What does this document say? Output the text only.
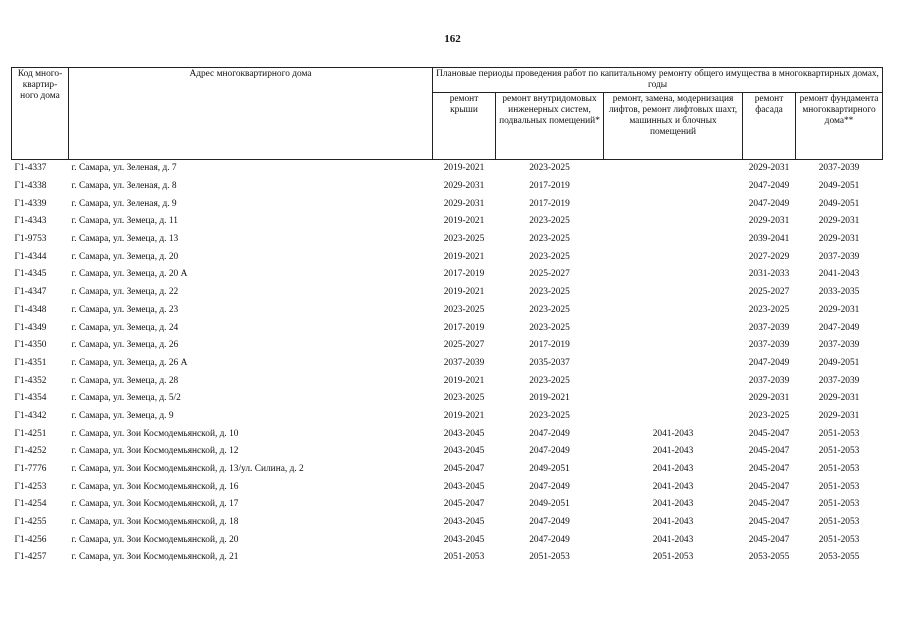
162
Код много-квартир-ного дома	Адрес многоквартирного дома	Плановые периоды проведения работ по капитальному ремонту общего имущества в многоквартирных домах, годы				
		ремонт крыши	ремонт внутридомовых инженерных систем, подвальных помещений*	ремонт, замена, модернизация лифтов, ремонт лифтовых шахт, машинных и блочных помещений	ремонт фасада	ремонт фундамента многоквартирного дома**
Г1-4337	г. Самара, ул. Зеленая, д. 7	2019-2021	2023-2025		2029-2031	2037-2039
Г1-4338	г. Самара, ул. Зеленая, д. 8	2029-2031	2017-2019		2047-2049	2049-2051
Г1-4339	г. Самара, ул. Зеленая, д. 9	2029-2031	2017-2019		2047-2049	2049-2051
Г1-4343	г. Самара, ул. Земеца, д. 11	2019-2021	2023-2025		2029-2031	2029-2031
Г1-9753	г. Самара, ул. Земеца, д. 13	2023-2025	2023-2025		2039-2041	2029-2031
Г1-4344	г. Самара, ул. Земеца, д. 20	2019-2021	2023-2025		2027-2029	2037-2039
Г1-4345	г. Самара, ул. Земеца, д. 20 А	2017-2019	2025-2027		2031-2033	2041-2043
Г1-4347	г. Самара, ул. Земеца, д. 22	2019-2021	2023-2025		2025-2027	2033-2035
Г1-4348	г. Самара, ул. Земеца, д. 23	2023-2025	2023-2025		2023-2025	2029-2031
Г1-4349	г. Самара, ул. Земеца, д. 24	2017-2019	2023-2025		2037-2039	2047-2049
Г1-4350	г. Самара, ул. Земеца, д. 26	2025-2027	2017-2019		2037-2039	2037-2039
Г1-4351	г. Самара, ул. Земеца, д. 26 А	2037-2039	2035-2037		2047-2049	2049-2051
Г1-4352	г. Самара, ул. Земеца, д. 28	2019-2021	2023-2025		2037-2039	2037-2039
Г1-4354	г. Самара, ул. Земеца, д. 5/2	2023-2025	2019-2021		2029-2031	2029-2031
Г1-4342	г. Самара, ул. Земеца, д. 9	2019-2021	2023-2025		2023-2025	2029-2031
Г1-4251	г. Самара, ул. Зои Космодемьянской, д. 10	2043-2045	2047-2049	2041-2043	2045-2047	2051-2053
Г1-4252	г. Самара, ул. Зои Космодемьянской, д. 12	2043-2045	2047-2049	2041-2043	2045-2047	2051-2053
Г1-7776	г. Самара, ул. Зои Космодемьянской, д. 13/ул. Силина, д. 2	2045-2047	2049-2051	2041-2043	2045-2047	2051-2053
Г1-4253	г. Самара, ул. Зои Космодемьянской, д. 16	2043-2045	2047-2049	2041-2043	2045-2047	2051-2053
Г1-4254	г. Самара, ул. Зои Космодемьянской, д. 17	2045-2047	2049-2051	2041-2043	2045-2047	2051-2053
Г1-4255	г. Самара, ул. Зои Космодемьянской, д. 18	2043-2045	2047-2049	2041-2043	2045-2047	2051-2053
Г1-4256	г. Самара, ул. Зои Космодемьянской, д. 20	2043-2045	2047-2049	2041-2043	2045-2047	2051-2053
Г1-4257	г. Самара, ул. Зои Космодемьянской, д. 21	2051-2053	2051-2053	2051-2053	2053-2055	2053-2055
